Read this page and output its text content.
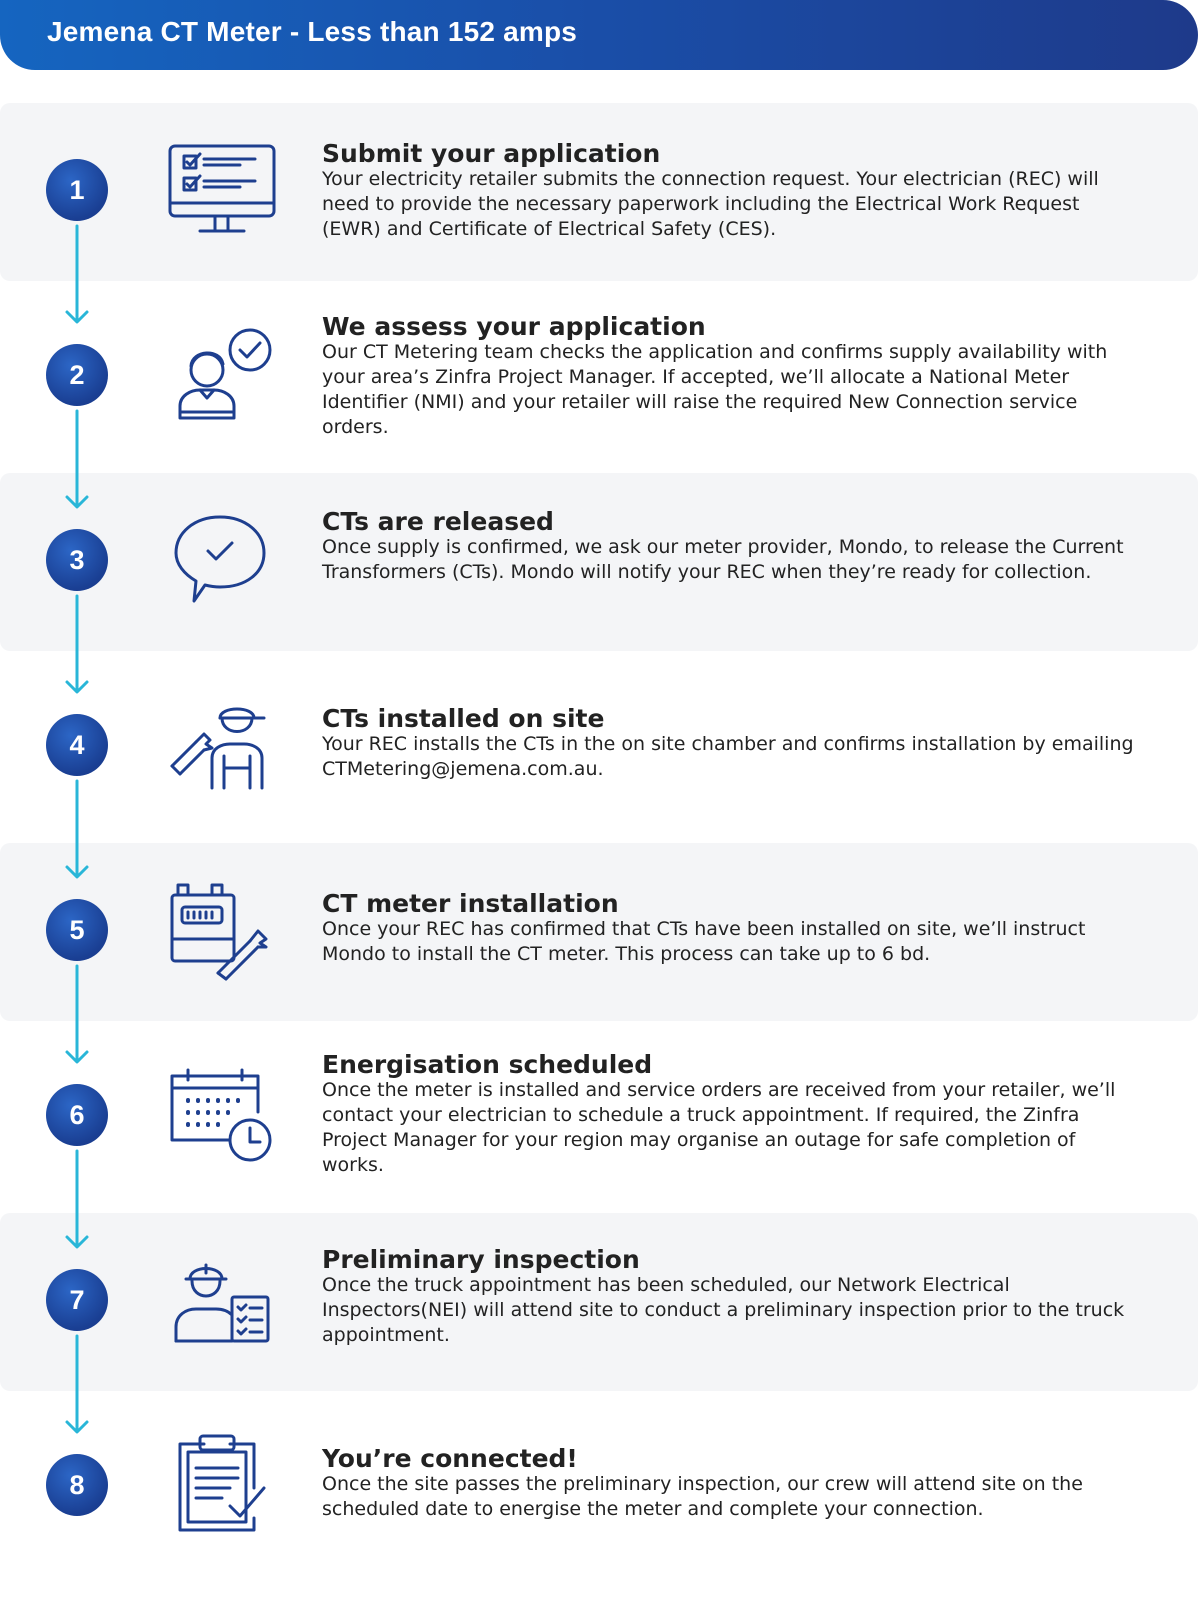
Jemena CT Meter - Less than 152 amps
1
Submit your application
Your electricity retailer submits the connection request. Your electrician (REC) will need to provide the necessary paperwork including the Electrical Work Request (EWR) and Certificate of Electrical Safety (CES).
2
We assess your application
Our CT Metering team checks the application and confirms supply availability with your area’s Zinfra Project Manager. If accepted, we’ll allocate a National Meter Identifier (NMI) and your retailer will raise the required New Connection service orders.
3
CTs are released
Once supply is confirmed, we ask our meter provider, Mondo, to release the Current Transformers (CTs). Mondo will notify your REC when they’re ready for collection.
4
CTs installed on site
Your REC installs the CTs in the on site chamber and confirms installation by emailing CTMetering@jemena.com.au.
5
CT meter installation
Once your REC has confirmed that CTs have been installed on site, we’ll instruct Mondo to install the CT meter. This process can take up to 6 bd.
6
Energisation scheduled
Once the meter is installed and service orders are received from your retailer, we’ll contact your electrician to schedule a truck appointment. If required, the Zinfra Project Manager for your region may organise an outage for safe completion of works.
7
Preliminary inspection
Once the truck appointment has been scheduled, our Network Electrical Inspectors(NEI) will attend site to conduct a preliminary inspection prior to the truck appointment.
8
You’re connected!
Once the site passes the preliminary inspection, our crew will attend site on the scheduled date to energise the meter and complete your connection.
